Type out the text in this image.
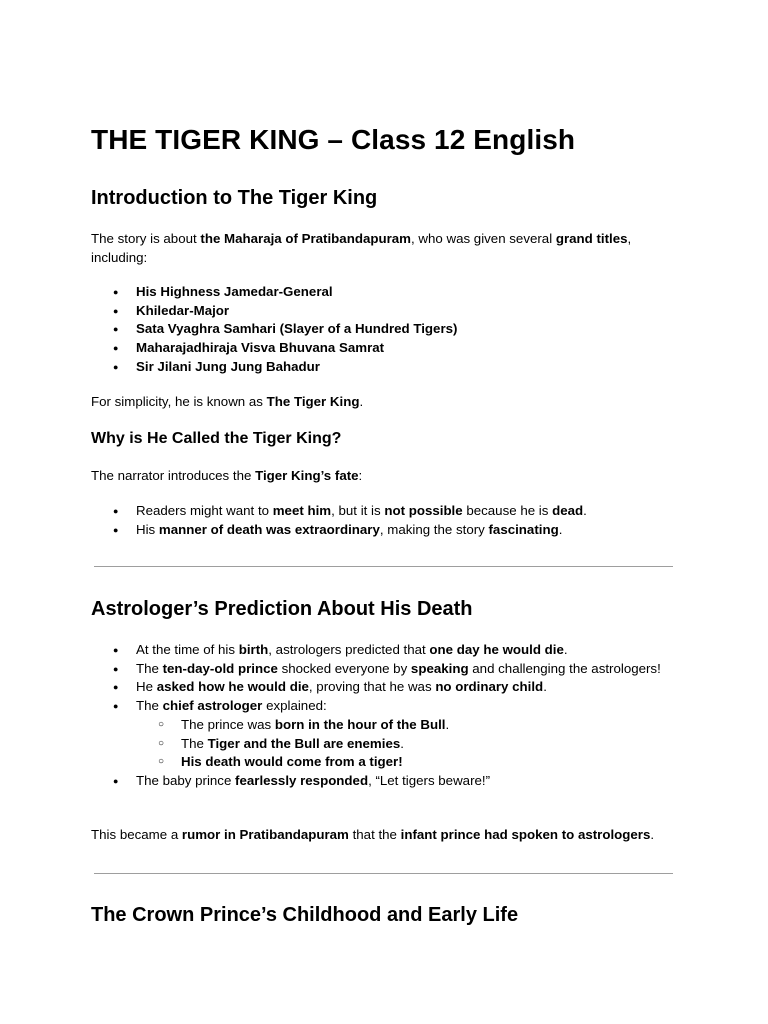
THE TIGER KING – Class 12 English
Introduction to The Tiger King

The story is about the Maharaja of Pratibandapuram, who was given several grand titles, including:

● His Highness Jamedar-General
● Khiledar-Major
● Sata Vyaghra Samhari (Slayer of a Hundred Tigers)
● Maharajadhiraja Visva Bhuvana Samrat
● Sir Jilani Jung Jung Bahadur

For simplicity, he is known as The Tiger King.

Why is He Called the Tiger King?

The narrator introduces the Tiger King’s fate:

● Readers might want to meet him, but it is not possible because he is dead.
● His manner of death was extraordinary, making the story fascinating.
Astrologer’s Prediction About His Death
● At the time of his birth, astrologers predicted that one day he would die.
● The ten-day-old prince shocked everyone by speaking and challenging the astrologers!
● He asked how he would die, proving that he was no ordinary child.
● The chief astrologer explained:
○ The prince was born in the hour of the Bull.
○ The Tiger and the Bull are enemies.
○ His death would come from a tiger!
● The baby prince fearlessly responded, “Let tigers beware!”

This became a rumor in Pratibandapuram that the infant prince had spoken to astrologers.

The Crown Prince’s Childhood and Early Life
